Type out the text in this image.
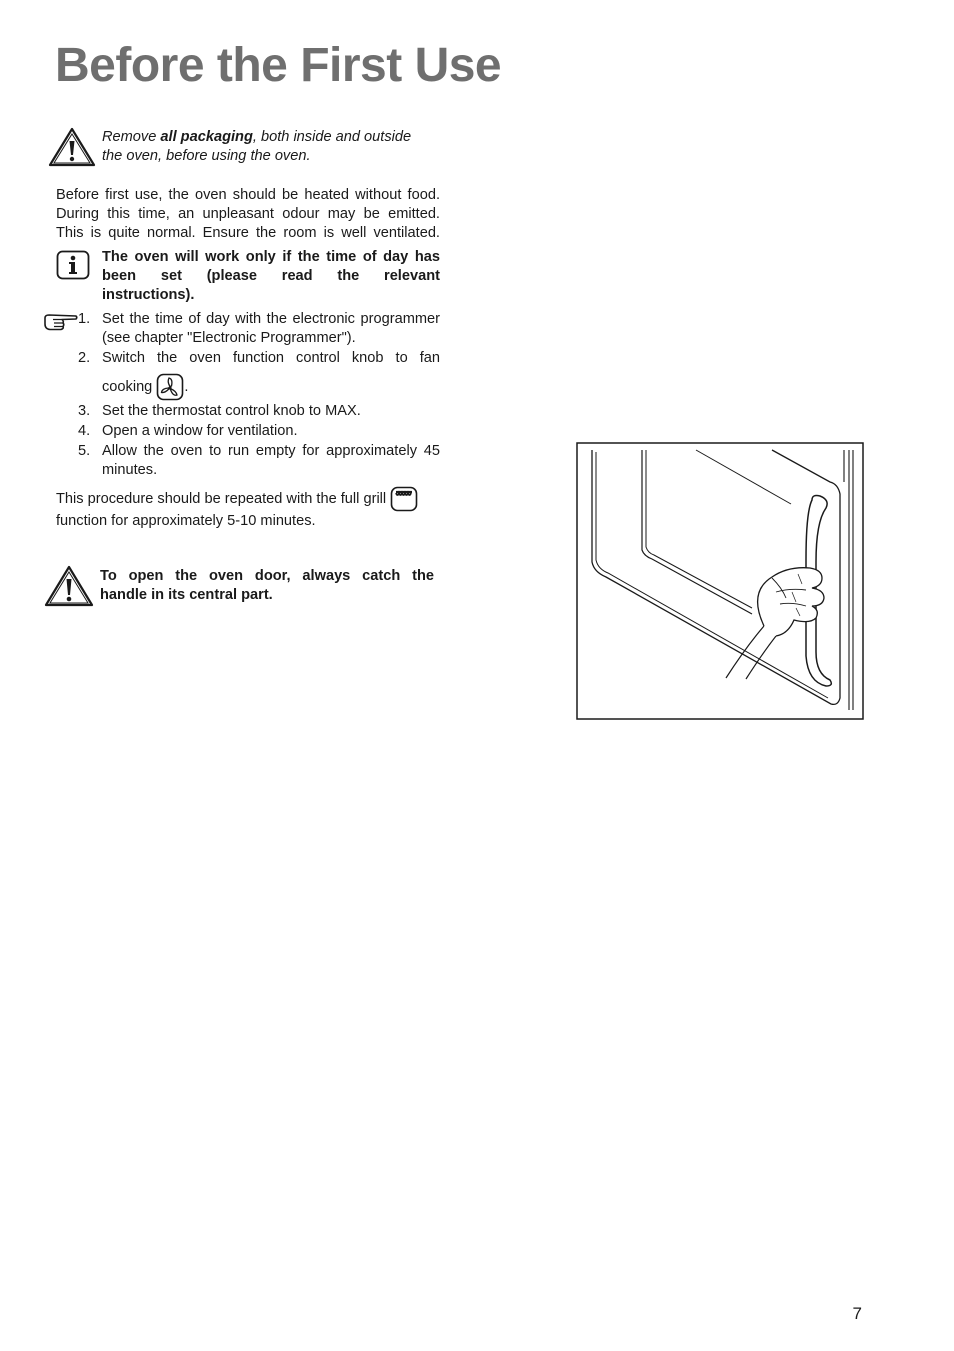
Before the First Use
Remove all packaging, both inside and outside
the oven, before using the oven.
Before first use, the oven should be heated without food.
During this time, an unpleasant odour may be emitted.
This is quite normal. Ensure the room is well ventilated.
The oven will work only if the time of day has
been set (please read the relevant
instructions).
1. Set the time of day with the electronic programmer
(see chapter "Electronic Programmer").
2. Switch the oven function control knob to fan
cooking .
3. Set the thermostat control knob to MAX.
4. Open a window for ventilation.
5. Allow the oven to run empty for approximately 45
minutes.
This procedure should be repeated with the full grill
function for approximately 5-10 minutes.
To open the oven door, always catch the
handle in its central part.
7
